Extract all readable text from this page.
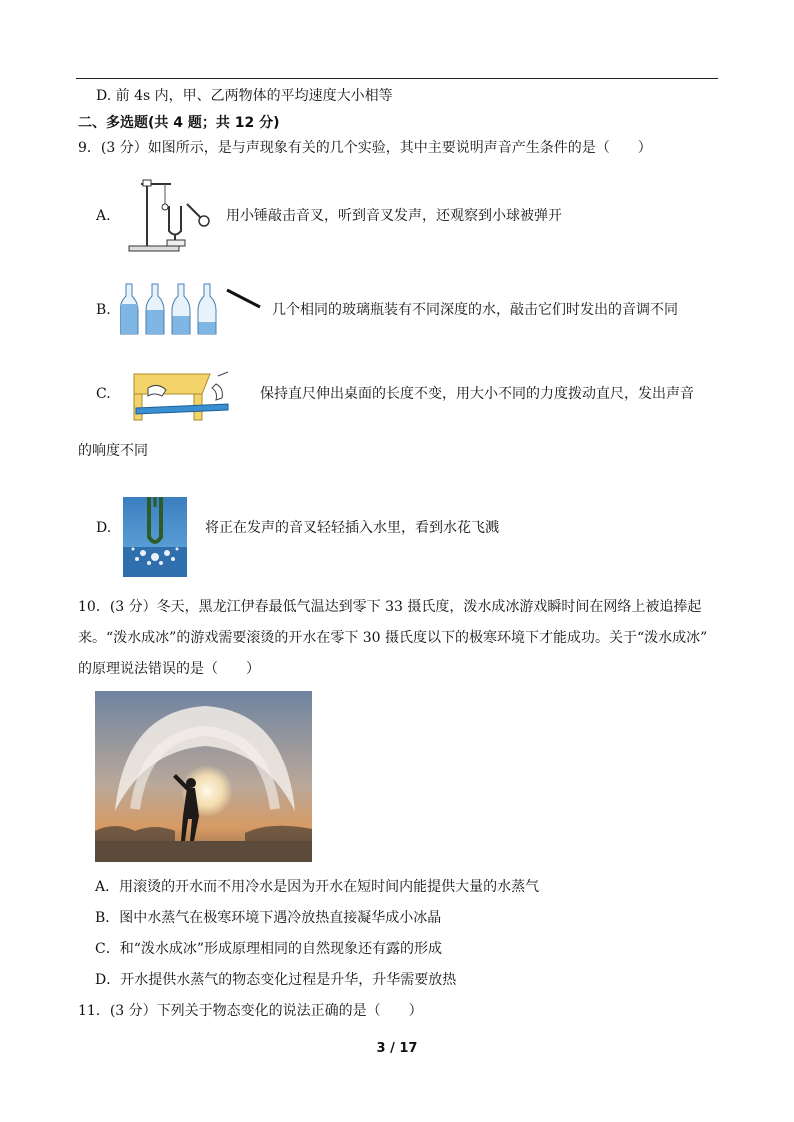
D. 前 4s 内，甲、乙两物体的平均速度大小相等
二、多选题(共 4 题；共 12 分)
9．(3 分）如图所示，是与声现象有关的几个实验，其中主要说明声音产生条件的是（　　）
A.	用小锤敲击音叉，听到音叉发声，还观察到小球被弹开
B.	几个相同的玻璃瓶装有不同深度的水，敲击它们时发出的音调不同
C.	保持直尺伸出桌面的长度不变，用大小不同的力度拨动直尺，发出声音
的响度不同
D.	将正在发声的音叉轻轻插入水里，看到水花飞溅
10．(3 分）冬天，黑龙江伊春最低气温达到零下 33 摄氏度，泼水成冰游戏瞬时间在网络上被追捧起
来。“泼水成冰”的游戏需要滚烫的开水在零下 30 摄氏度以下的极寒环境下才能成功。关于“泼水成冰”
的原理说法错误的是（　　）
A．用滚烫的开水而不用冷水是因为开水在短时间内能提供大量的水蒸气
B．图中水蒸气在极寒环境下遇冷放热直接凝华成小冰晶
C．和“泼水成冰”形成原理相同的自然现象还有露的形成
D．开水提供水蒸气的物态变化过程是升华，升华需要放热
11．(3 分）下列关于物态变化的说法正确的是（　　）
3 / 17
